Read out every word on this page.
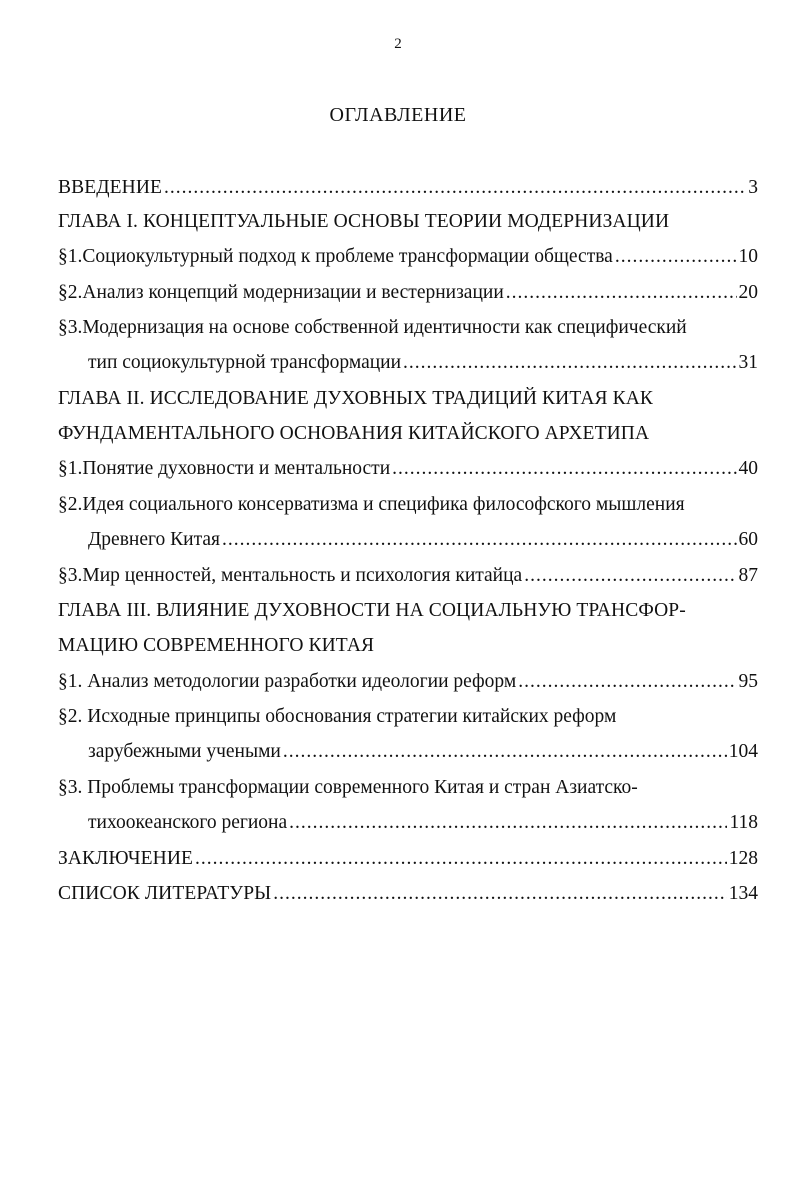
2
ОГЛАВЛЕНИЕ
ВВЕДЕНИЕ .....	3
ГЛАВА I. КОНЦЕПТУАЛЬНЫЕ ОСНОВЫ ТЕОРИИ МОДЕРНИЗАЦИИ
§1.Социокультурный подход к проблеме трансформации общества .....	10
§2.Анализ концепций модернизации и вестернизации .....	20
§3.Модернизация на основе собственной идентичности как специфический
тип социокультурной трансформации .....	31
ГЛАВА II. ИССЛЕДОВАНИЕ ДУХОВНЫХ ТРАДИЦИЙ КИТАЯ КАК
ФУНДАМЕНТАЛЬНОГО ОСНОВАНИЯ КИТАЙСКОГО АРХЕТИПА
§1.Понятие духовности и ментальности .....	40
§2.Идея социального консерватизма и специфика философского мышления
Древнего Китая .....	60
§3.Мир ценностей, ментальность и психология китайца .....	87
ГЛАВА III. ВЛИЯНИЕ ДУХОВНОСТИ НА СОЦИАЛЬНУЮ ТРАНСФОР-
МАЦИЮ СОВРЕМЕННОГО КИТАЯ
§1. Анализ методологии разработки идеологии реформ .....	95
§2. Исходные принципы обоснования стратегии китайских реформ
зарубежными учеными .....	104
§3. Проблемы трансформации современного Китая и стран Азиатско-
тихоокеанского региона .....	118
ЗАКЛЮЧЕНИЕ .....	128
СПИСОК ЛИТЕРАТУРЫ .....	134
